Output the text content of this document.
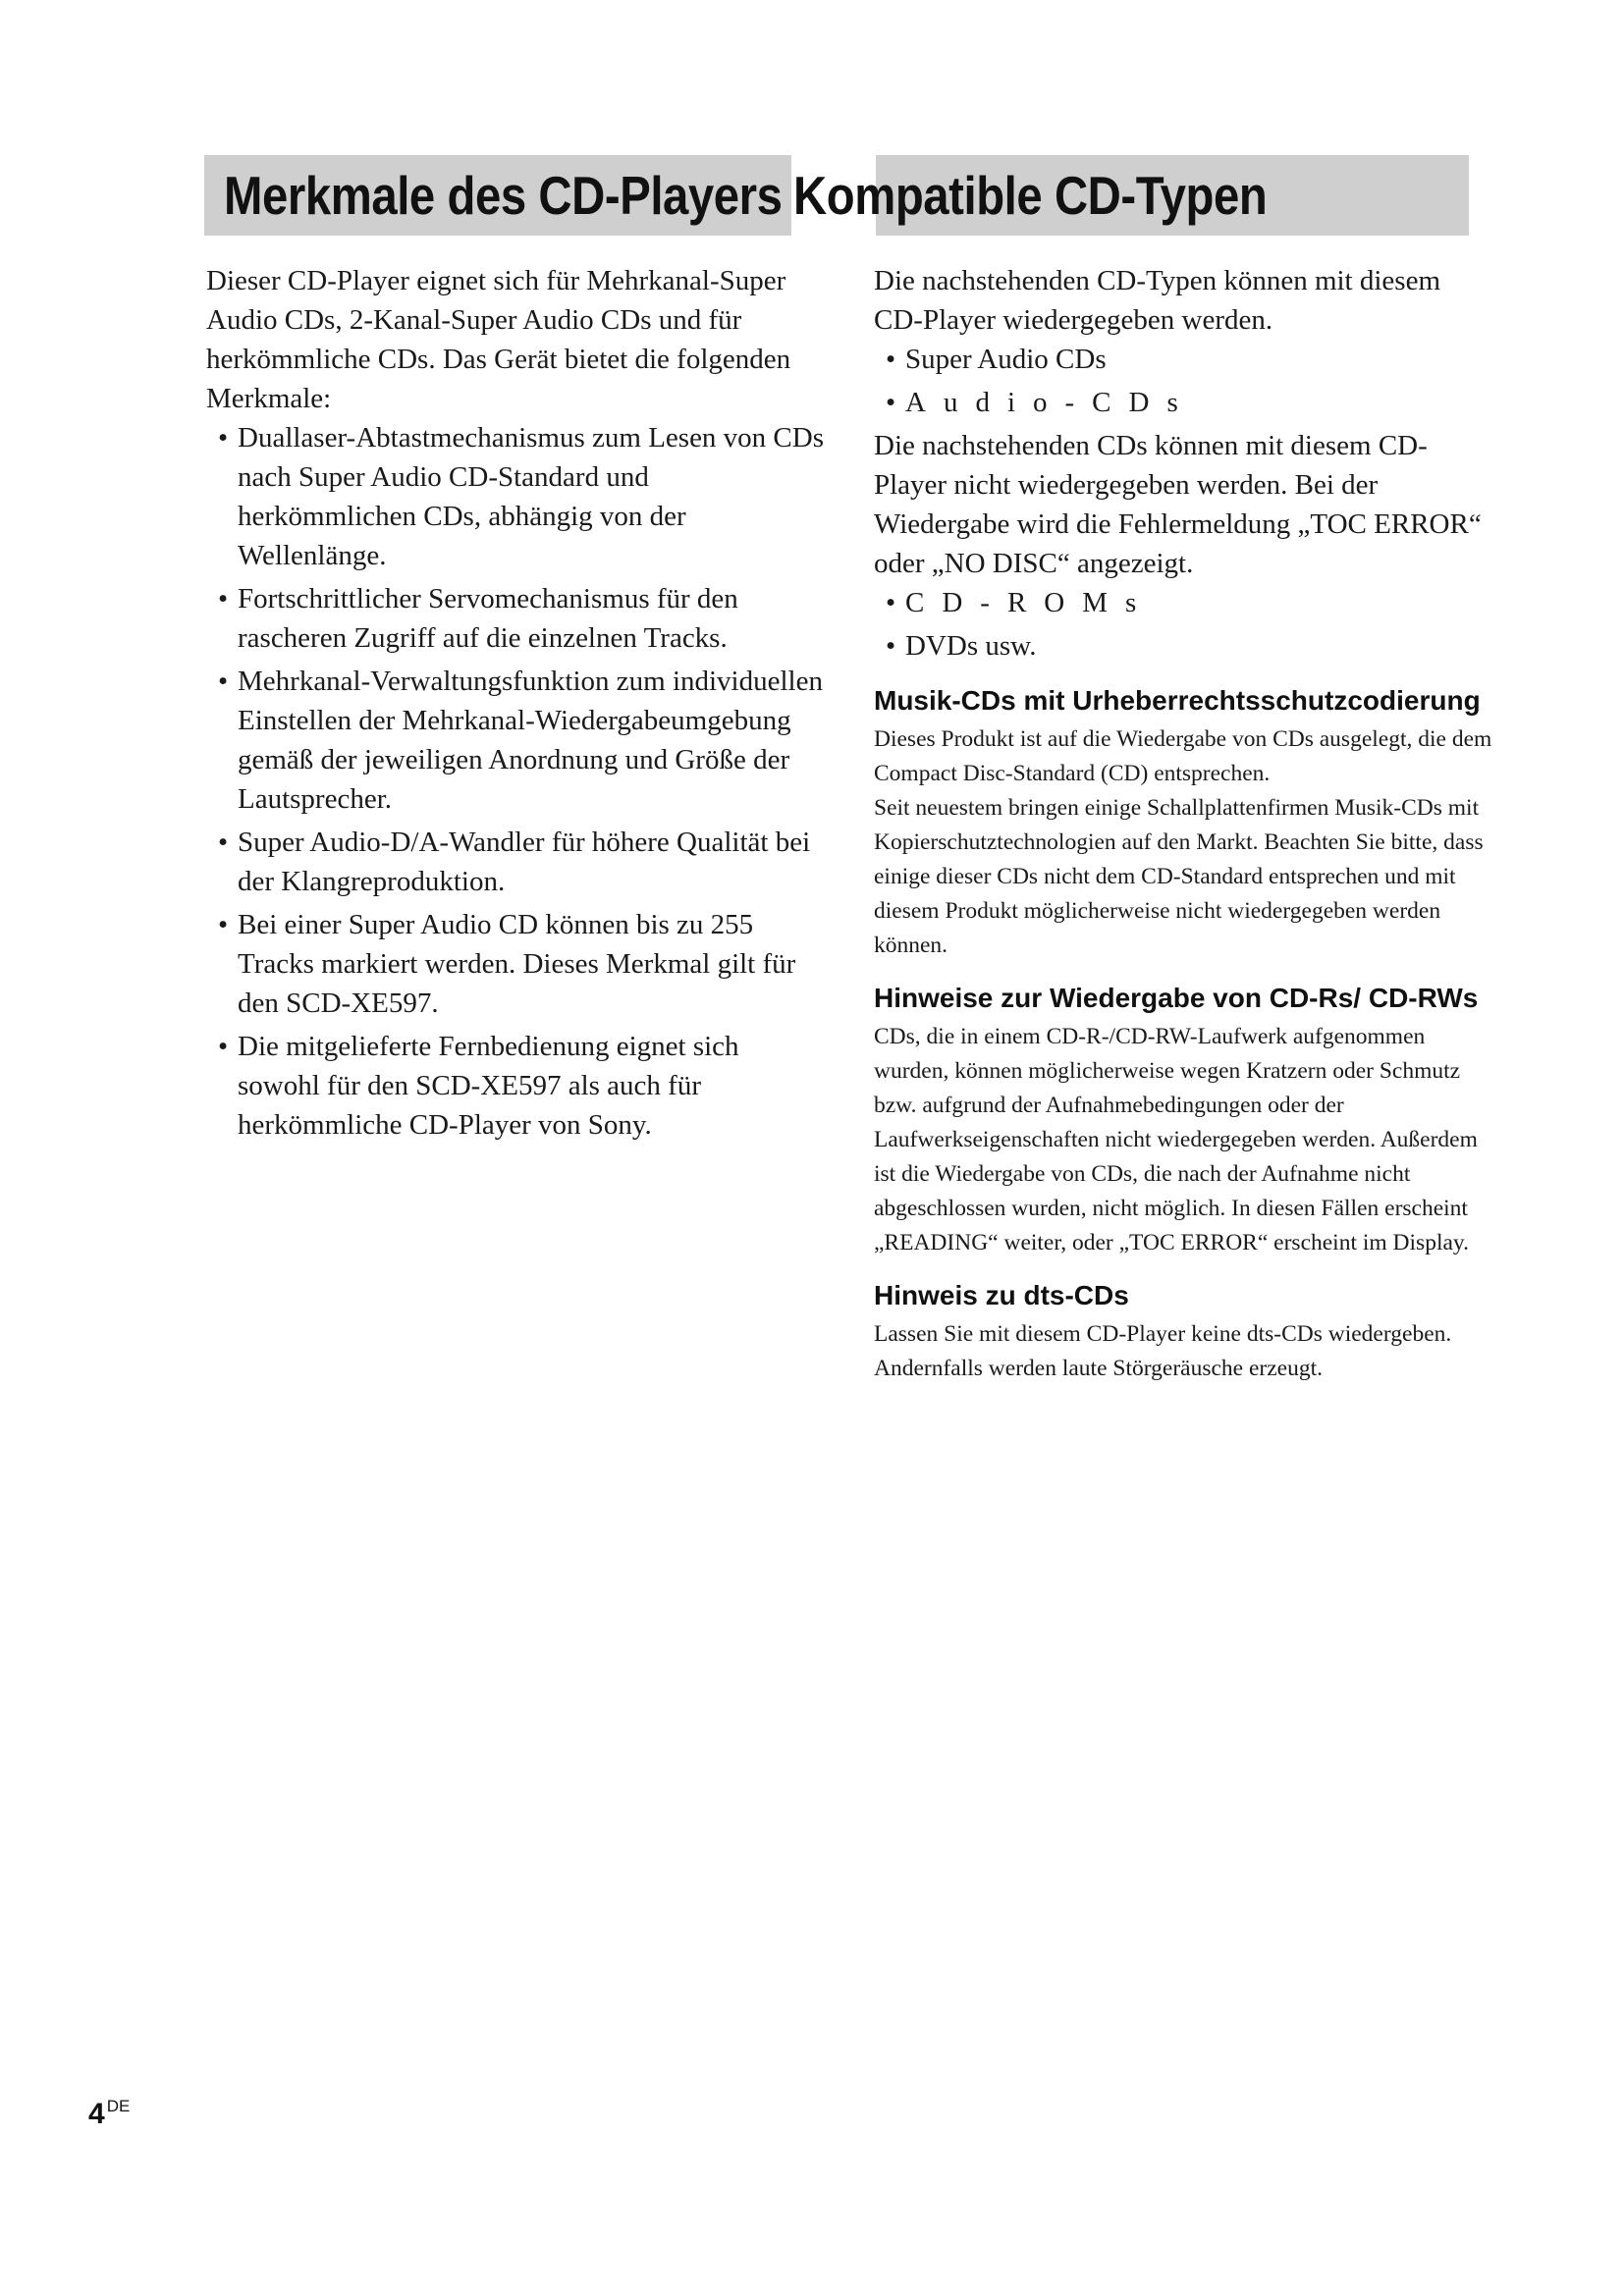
Merkmale des CD-Players Kompatible CD-Typen

Dieser CD-Player eignet sich für Mehrkanal-Super Audio CDs, 2-Kanal-Super Audio CDs und für herkömmliche CDs. Das Gerät bietet die folgenden Merkmale:

• Duallaser-Abtastmechanismus zum Lesen von CDs nach Super Audio CD-Standard und herkömmlichen CDs, abhängig von der Wellenlänge.
• Fortschrittlicher Servomechanismus für den rascheren Zugriff auf die einzelnen Tracks.
• Mehrkanal-Verwaltungsfunktion zum individuellen Einstellen der Mehrkanal-Wiedergabeumgebung gemäß der jeweiligen Anordnung und Größe der Lautsprecher.
• Super Audio-D/A-Wandler für höhere Qualität bei der Klangreproduktion.
• Bei einer Super Audio CD können bis zu 255 Tracks markiert werden. Dieses Merkmal gilt für den SCD-XE597.
• Die mitgelieferte Fernbedienung eignet sich sowohl für den SCD-XE597 als auch für herkömmliche CD-Player von Sony.

Die nachstehenden CD-Typen können mit diesem CD-Player wiedergegeben werden.

• Super Audio CDs
•Audio-CDs

Die nachstehenden CDs können mit diesem CD-Player nicht wiedergegeben werden. Bei der Wiedergabe wird die Fehlermeldung „TOC ERROR“ oder „NO DISC“ angezeigt.

•CD-ROMs
• DVDs usw.
Musik-CDs mit Urheberrechtsschutzcodierung

Dieses Produkt ist auf die Wiedergabe von CDs ausgelegt, die dem Compact Disc-Standard (CD) entsprechen.

Seit neuestem bringen einige Schallplattenfirmen Musik-CDs mit Kopierschutztechnologien auf den Markt. Beachten Sie bitte, dass einige dieser CDs nicht dem CD-Standard entsprechen und mit diesem Produkt möglicherweise nicht wiedergegeben werden können.

Hinweise zur Wiedergabe von CD-Rs/ CD-RWs

CDs, die in einem CD-R-/CD-RW-Laufwerk aufgenommen wurden, können möglicherweise wegen Kratzern oder Schmutz bzw. aufgrund der Aufnahmebedingungen oder der Laufwerkseigenschaften nicht wiedergegeben werden. Außerdem ist die Wiedergabe von CDs, die nach der Aufnahme nicht abgeschlossen wurden, nicht möglich. In diesen Fällen erscheint „READING“ weiter, oder „TOC ERROR“ erscheint im Display.

Hinweis zu dts-CDs

Lassen Sie mit diesem CD-Player keine dts-CDs wiedergeben. Andernfalls werden laute Störgeräusche erzeugt.

4 $^{DE}$
